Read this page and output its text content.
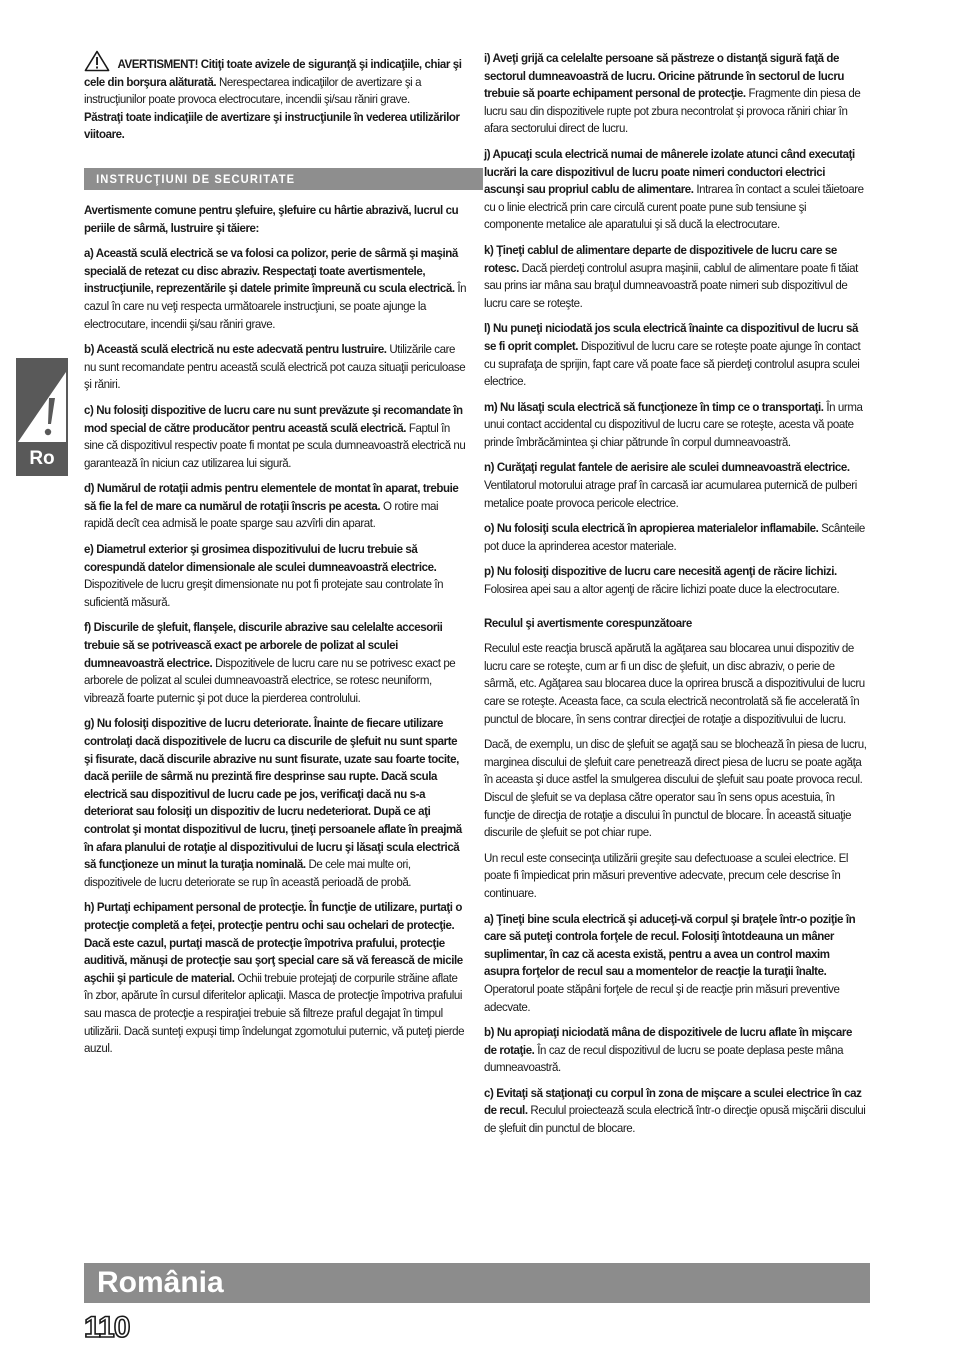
Ro

AVERTISMENT! Citiţi toate avizele de siguranţă şi indicaţiile, chiar şi cele din borşura alăturată. Nerespectarea indicaţiilor de avertizare şi a instrucţiunilor poate provoca electrocutare, incendii şi/sau răniri grave.

Păstraţi toate indicaţiile de avertizare şi instrucţiunile în vederea utilizărilor viitoare.

INSTRUCŢIUNI DE SECURITATE

Avertismente comune pentru şlefuire, şlefuire cu hârtie abrazivă, lucrul cu periile de sârmă, lustruire şi tăiere:

a) Această sculă electrică se va folosi ca polizor, perie de sârmă şi maşină specială de retezat cu disc abraziv. Respectaţi toate avertismentele, instrucţiunile, reprezentările şi datele primite împreună cu scula electrică. În cazul în care nu veţi respecta următoarele instrucţiuni, se poate ajunge la electrocutare, incendii şi/sau răniri grave.

b) Această sculă electrică nu este adecvată pentru lustruire. Utilizările care nu sunt recomandate pentru această sculă electrică pot cauza situaţii periculoase şi răniri.

c) Nu folosiţi dispozitive de lucru care nu sunt prevăzute şi recomandate în mod special de către producător pentru această sculă electrică. Faptul în sine că dispozitivul respectiv poate fi montat pe scula dumneavoastră electrică nu garantează în niciun caz utilizarea lui sigură.

d) Numărul de rotaţii admis pentru elementele de montat în aparat, trebuie să fie la fel de mare ca numărul de rotaţii înscris pe acesta. O rotire mai rapidă decît cea admisă le poate sparge sau azvîrli din aparat.

e) Diametrul exterior şi grosimea dispozitivului de lucru trebuie să corespundă datelor dimensionale ale sculei dumneavoastră electrice. Dispozitivele de lucru greşit dimensionate nu pot fi protejate sau controlate în suficientă măsură.

f) Discurile de şlefuit, flanşele, discurile abrazive sau celelalte accesorii trebuie să se potrivească exact pe arborele de polizat al sculei dumneavoastră electrice. Dispozitivele de lucru care nu se potrivesc exact pe arborele de polizat al sculei dumneavoastră electrice, se rotesc neuniform, vibrează foarte puternic şi pot duce la pierderea controlului.

g) Nu folosiţi dispozitive de lucru deteriorate. Înainte de fiecare utilizare controlaţi dacă dispozitivele de lucru ca discurile de şlefuit nu sunt sparte şi fisurate, dacă discurile abrazive nu sunt fisurate, uzate sau foarte tocite, dacă periile de sârmă nu prezintă fire desprinse sau rupte. Dacă scula electrică sau dispozitivul de lucru cade pe jos, verificaţi dacă nu s-a deteriorat sau folosiţi un dispozitiv de lucru nedeteriorat. După ce aţi controlat şi montat dispozitivul de lucru, ţineţi persoanele aflate în preajmă în afara planului de rotaţie al dispozitivului de lucru şi lăsaţi scula electrică să funcţioneze un minut la turaţia nominală. De cele mai multe ori, dispozitivele de lucru deteriorate se rup în această perioadă de probă.

h) Purtaţi echipament personal de protecţie. În funcţie de utilizare, purtaţi o protecţie completă a feţei, protecţie pentru ochi sau ochelari de protecţie. Dacă este cazul, purtaţi mască de protecţie împotriva prafului, protecţie auditivă, mănuşi de protecţie sau şorţ special care să vă ferească de micile aşchii şi particule de material. Ochii trebuie protejaţi de corpurile străine aflate în zbor, apărute în cursul diferitelor aplicaţii. Masca de protecţie împotriva prafului sau masca de protecţie a respiraţiei trebuie să filtreze praful degajat în timpul utilizării. Dacă sunteţi expuşi timp îndelungat zgomotului puternic, vă puteţi pierde auzul.

i) Aveţi grijă ca celelalte persoane să păstreze o distanţă sigură faţă de sectorul dumneavoastră de lucru. Oricine pătrunde în sectorul de lucru trebuie să poarte echipament personal de protecţie. Fragmente din piesa de lucru sau din dispozitivele rupte pot zbura necontrolat şi provoca răniri chiar în afara sectorului direct de lucru.

j) Apucaţi scula electrică numai de mânerele izolate atunci când executaţi lucrări la care dispozitivul de lucru poate nimeri conductori electrici ascunşi sau propriul cablu de alimentare. Intrarea în contact a sculei tăietoare cu o linie electrică prin care circulă curent poate pune sub tensiune şi componente metalice ale aparatului şi să ducă la electrocutare.

k) Ţineţi cablul de alimentare departe de dispozitivele de lucru care se rotesc. Dacă pierdeţi controlul asupra maşinii, cablul de alimentare poate fi tăiat sau prins iar mâna sau braţul dumneavoastră poate nimeri sub dispozitivul de lucru care se roteşte.

l) Nu puneţi niciodată jos scula electrică înainte ca dispozitivul de lucru să se fi oprit complet. Dispozitivul de lucru care se roteşte poate ajunge în contact cu suprafaţa de sprijin, fapt care vă poate face să pierdeţi controlul asupra sculei electrice.

m) Nu lăsaţi scula electrică să funcţioneze în timp ce o transportaţi. În urma unui contact accidental cu dispozitivul de lucru care se roteşte, acesta vă poate prinde îmbrăcămintea şi chiar pătrunde în corpul dumneavoastră.

n) Curăţaţi regulat fantele de aerisire ale sculei dumneavoastră electrice. Ventilatorul motorului atrage praf în carcasă iar acumularea puternică de pulberi metalice poate provoca pericole electrice.

o) Nu folosiţi scula electrică în apropierea materialelor inflamabile. Scânteile pot duce la aprinderea acestor materiale.

p) Nu folosiţi dispozitive de lucru care necesită agenţi de răcire lichizi. Folosirea apei sau a altor agenţi de răcire lichizi poate duce la electrocutare.

Reculul şi avertismente corespunzătoare

Reculul este reacţia bruscă apărută la agăţarea sau blocarea unui dispozitiv de lucru care se roteşte, cum ar fi un disc de şlefuit, un disc abraziv, o perie de sârmă, etc. Agăţarea sau blocarea duce la oprirea bruscă a dispozitivului de lucru care se roteşte. Aceasta face, ca scula electrică necontrolată să fie accelerată în punctul de blocare, în sens contrar direcţiei de rotaţie a dispozitivului de lucru.

Dacă, de exemplu, un disc de şlefuit se agaţă sau se blochează în piesa de lucru, marginea discului de şlefuit care penetrează direct piesa de lucru se poate agăţa în aceasta şi duce astfel la smulgerea discului de şlefuit sau poate provoca recul. Discul de şlefuit se va deplasa către operator sau în sens opus acestuia, în funcţie de direcţia de rotaţie a discului în punctul de blocare. În această situaţie discurile de şlefuit se pot chiar rupe.

Un recul este consecinţa utilizării greşite sau defectuoase a sculei electrice. El poate fi împiedicat prin măsuri preventive adecvate, precum cele descrise în continuare.

a) Ţineţi bine scula electrică şi aduceţi-vă corpul şi braţele într-o poziţie în care să puteţi controla forţele de recul. Folosiţi întotdeauna un mâner suplimentar, în caz că acesta există, pentru a avea un control maxim asupra forţelor de recul sau a momentelor de reacţie la turaţii înalte. Operatorul poate stăpâni forţele de recul şi de reacţie prin măsuri preventive adecvate.

b) Nu apropiaţi niciodată mâna de dispozitivele de lucru aflate în mişcare de rotaţie. În caz de recul dispozitivul de lucru se poate deplasa peste mâna dumneavoastră.

c) Evitaţi să staţionaţi cu corpul în zona de mişcare a sculei electrice în caz de recul. Reculul proiectează scula electrică într-o direcţie opusă mişcării discului de şlefuit din punctul de blocare.

România
110
